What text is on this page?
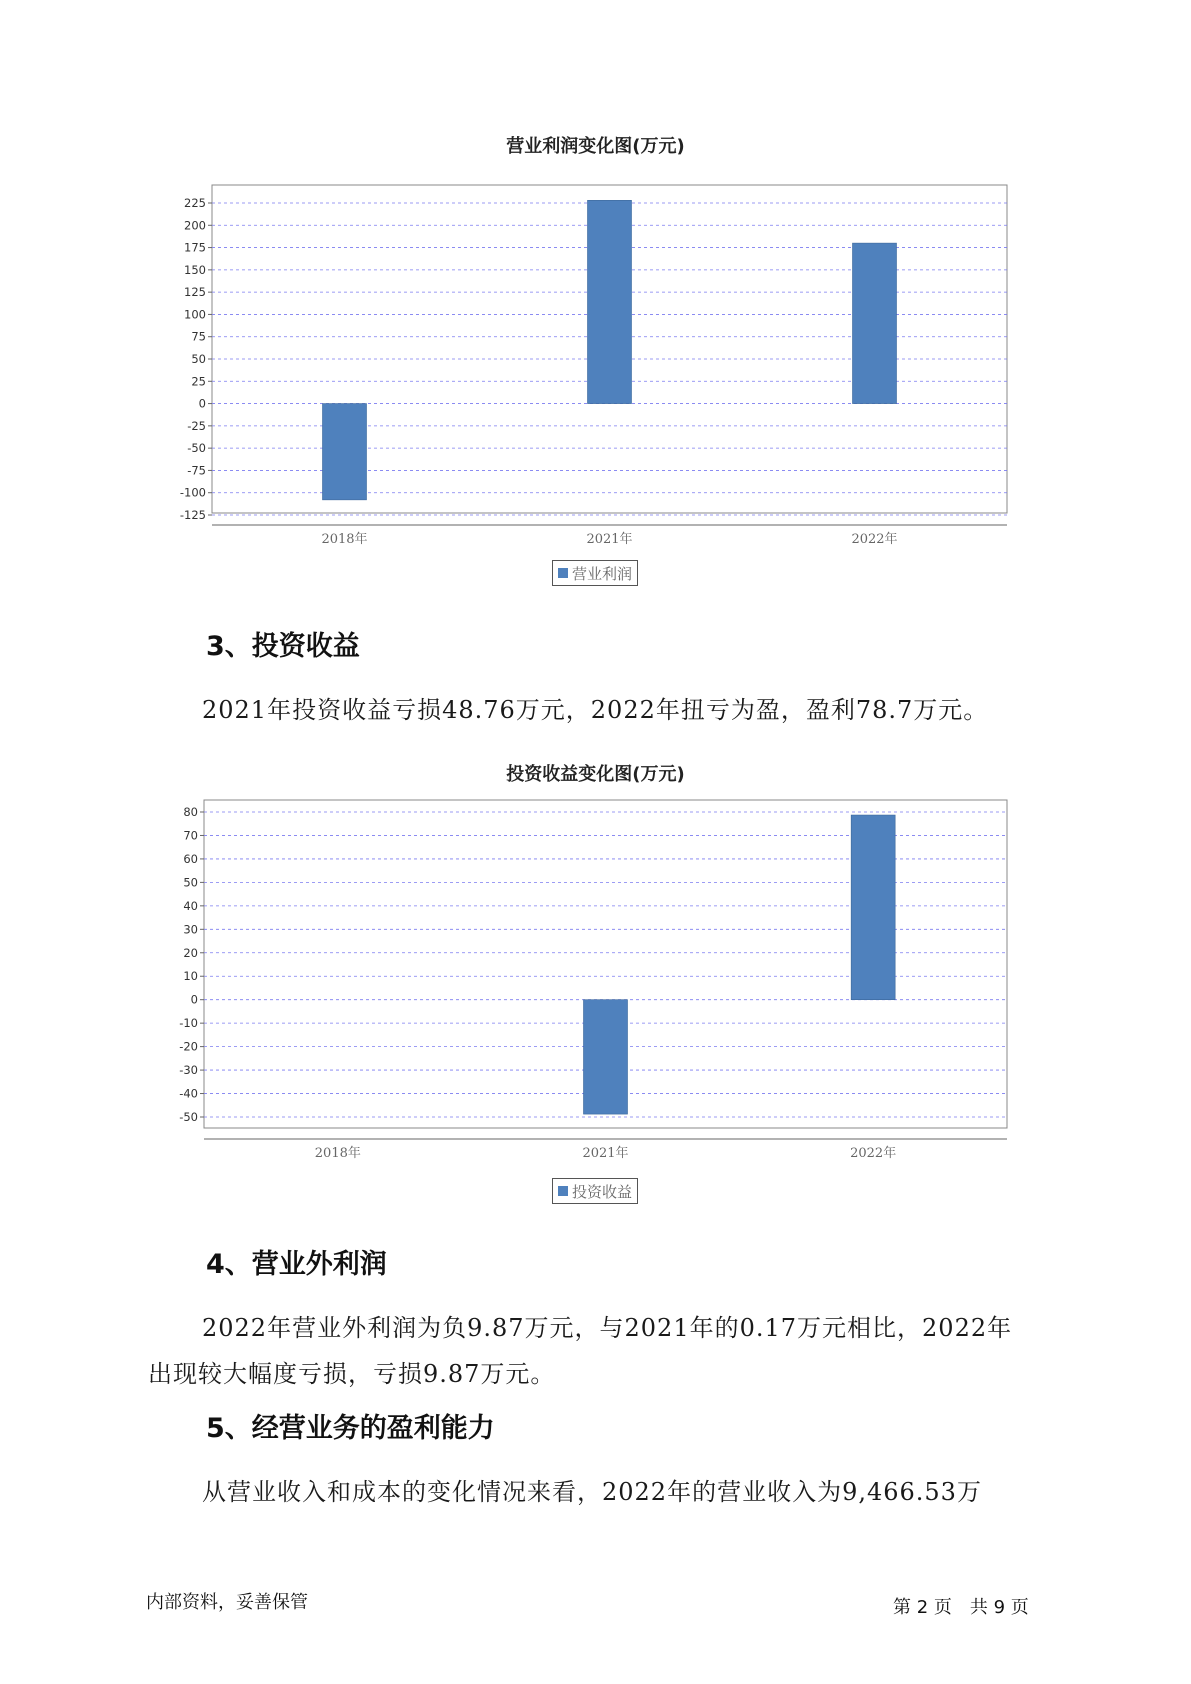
营业利润变化图(万元)
225
200
175
150
125
100
75
50
25
0
-25
-50
-75
-100
-125
2018年	2021年	2022年
营业利润
3、投资收益
2021年投资收益亏损48.76万元，2022年扭亏为盈，盈利78.7万元。
投资收益变化图(万元)
80
70
60
50
40
30
20
10
0
-10
-20
-30
-40
-50
2018年	2021年	2022年
投资收益
4、营业外利润
2022年营业外利润为负9.87万元，与2021年的0.17万元相比，2022年
出现较大幅度亏损，亏损9.87万元。
5、经营业务的盈利能力
从营业收入和成本的变化情况来看，2022年的营业收入为9,466.53万
内部资料，妥善保管	第 2 页　共 9 页
